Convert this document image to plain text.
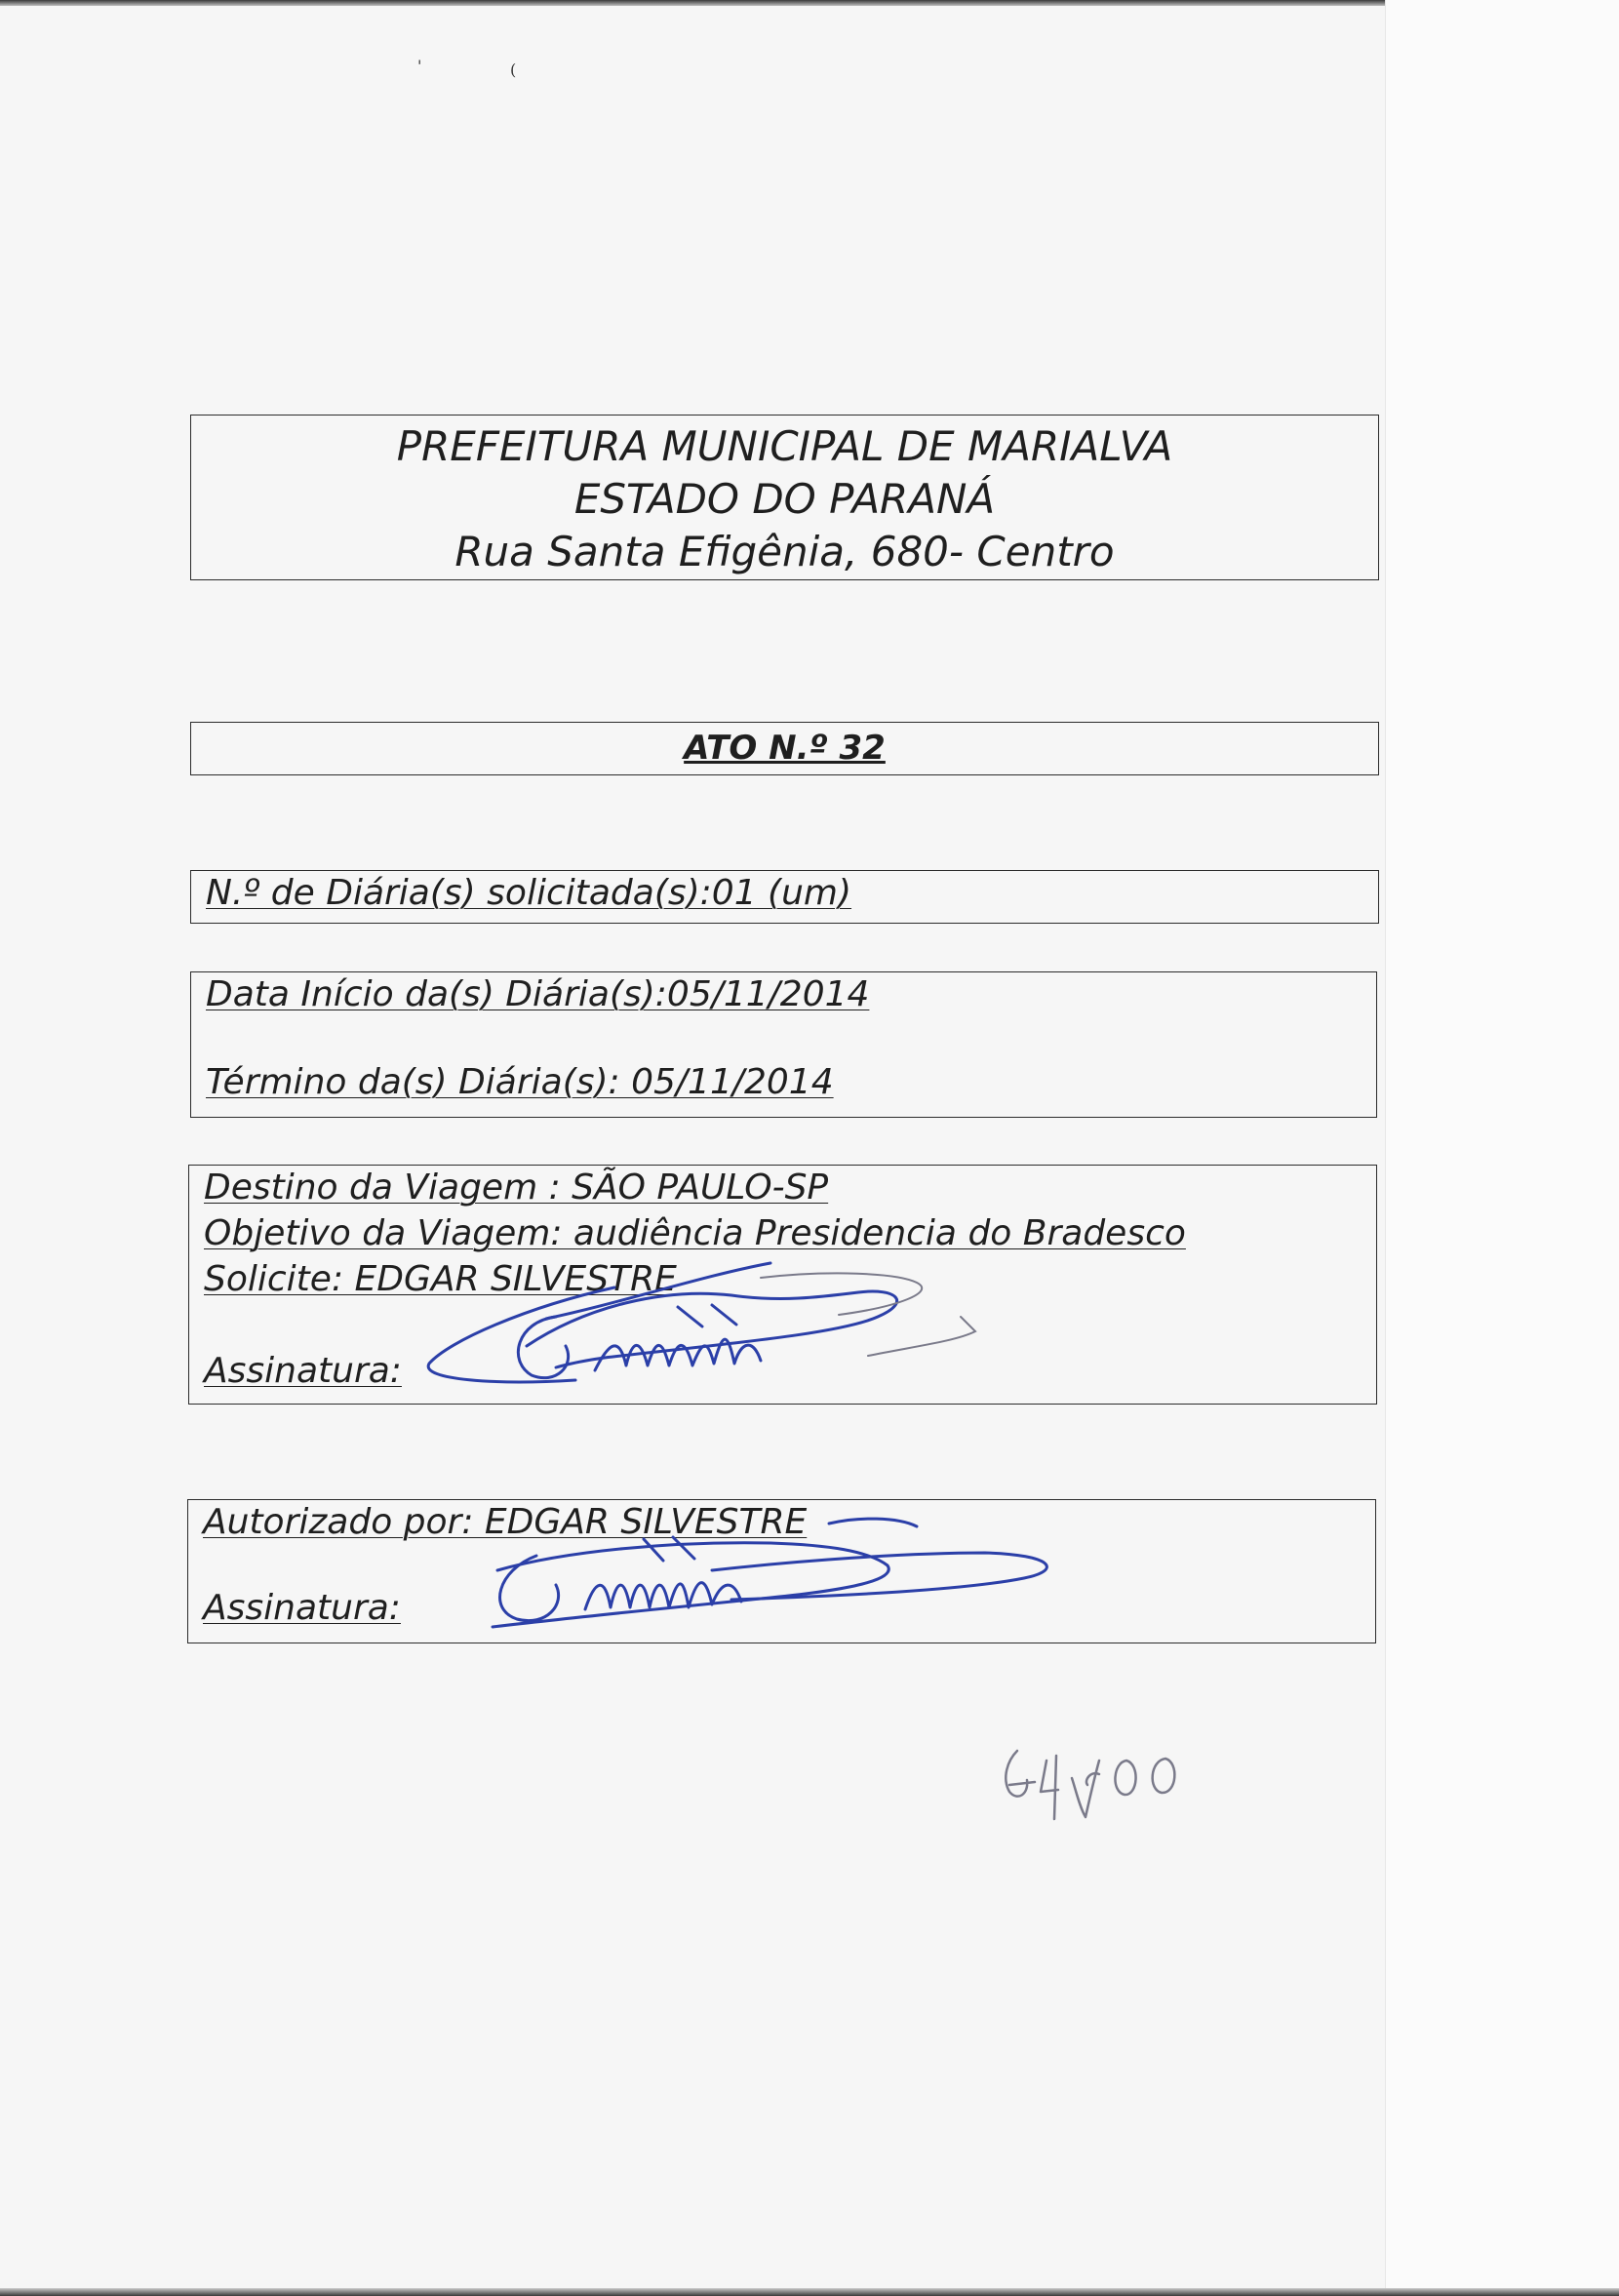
'	(
PREFEITURA MUNICIPAL DE MARIALVA
ESTADO DO PARANÁ
Rua Santa Efigênia, 680- Centro
ATO N.º 32
N.º de Diária(s) solicitada(s):01 (um)
Data Início da(s) Diária(s):05/11/2014
Término da(s) Diária(s): 05/11/2014
Destino da Viagem : SÃO PAULO-SP
Objetivo da Viagem: audiência Presidencia do Bradesco
Solicite: EDGAR SILVESTRE
Assinatura:
Autorizado por: EDGAR SILVESTRE
Assinatura:
